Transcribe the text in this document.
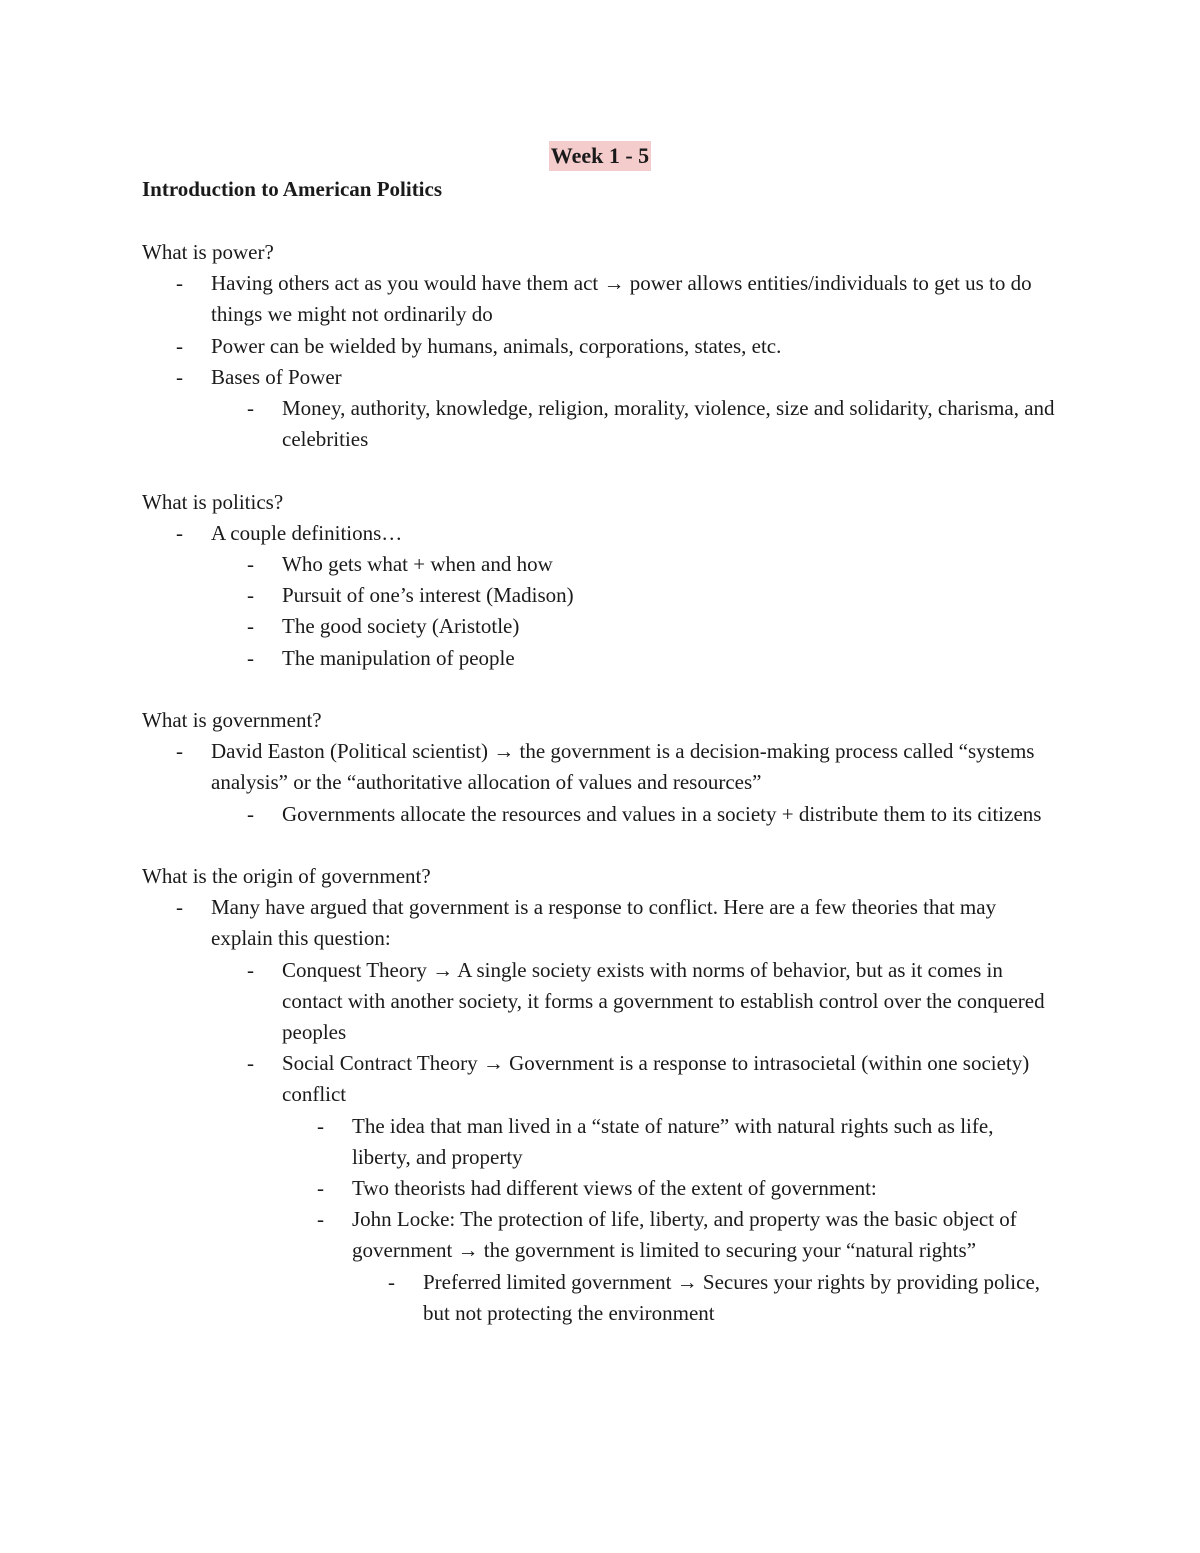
Week 1 - 5
Introduction to American Politics

What is power?

- Having others act as you would have them act → power allows entities/individuals to get us to do things we might not ordinarily do
- Power can be wielded by humans, animals, corporations, states, etc.
- Bases of Power
- Money, authority, knowledge, religion, morality, violence, size and solidarity, charisma, and celebrities

What is politics?

- A couple definitions…
- Who gets what + when and how
- Pursuit of one’s interest (Madison)
- The good society (Aristotle)
- The manipulation of people

What is government?

- David Easton (Political scientist) → the government is a decision-making process called “systems analysis” or the “authoritative allocation of values and resources”
- Governments allocate the resources and values in a society + distribute them to its citizens

What is the origin of government?

- Many have argued that government is a response to conflict. Here are a few theories that may explain this question:
- Conquest Theory → A single society exists with norms of behavior, but as it comes in contact with another society, it forms a government to establish control over the conquered peoples
- Social Contract Theory → Government is a response to intrasocietal (within one society) conflict
- The idea that man lived in a “state of nature” with natural rights such as life, liberty, and property
- Two theorists had different views of the extent of government:
- John Locke: The protection of life, liberty, and property was the basic object of government → the government is limited to securing your “natural rights”
- Preferred limited government → Secures your rights by providing police, but not protecting the environment
